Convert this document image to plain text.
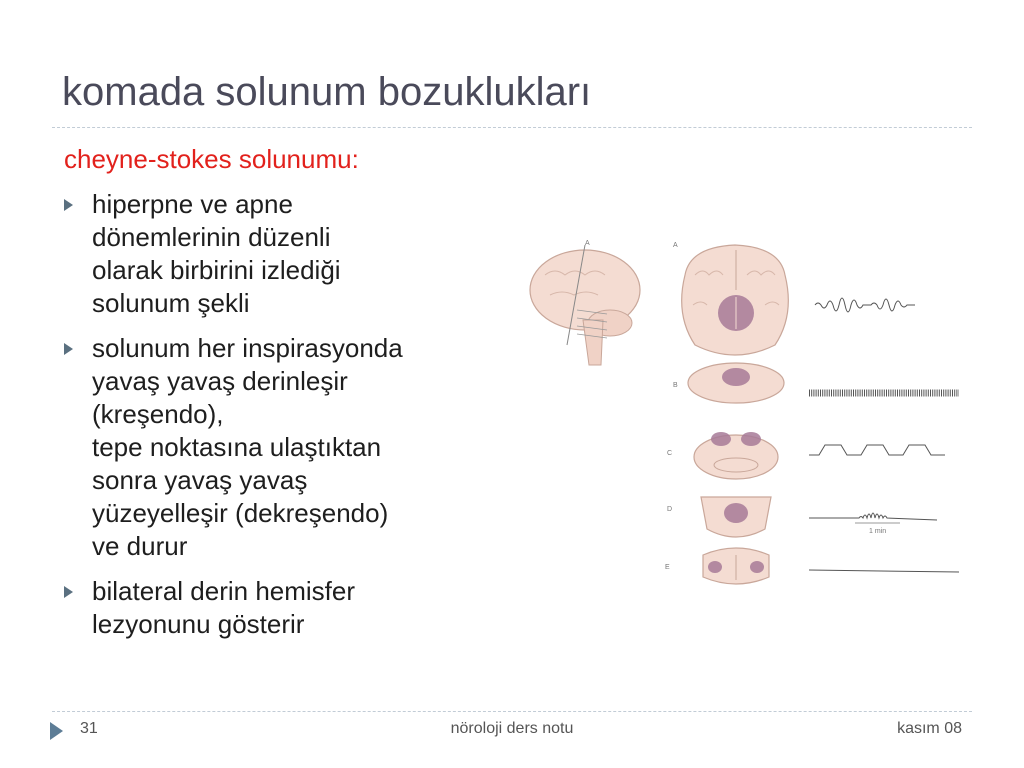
komada solunum bozuklukları
cheyne-stokes solunumu:
hiperpne ve apne
dönemlerinin düzenli
olarak birbirini izlediği
solunum şekli
solunum her inspirasyonda
yavaş yavaş derinleşir
(kreşendo),
tepe noktasına ulaştıktan
sonra yavaş yavaş
yüzeyelleşir (dekreşendo)
ve durur
bilateral derin hemisfer
lezyonunu gösterir
A	A
B
C
D
1 min
E
31	nöroloji ders notu	kasım 08
